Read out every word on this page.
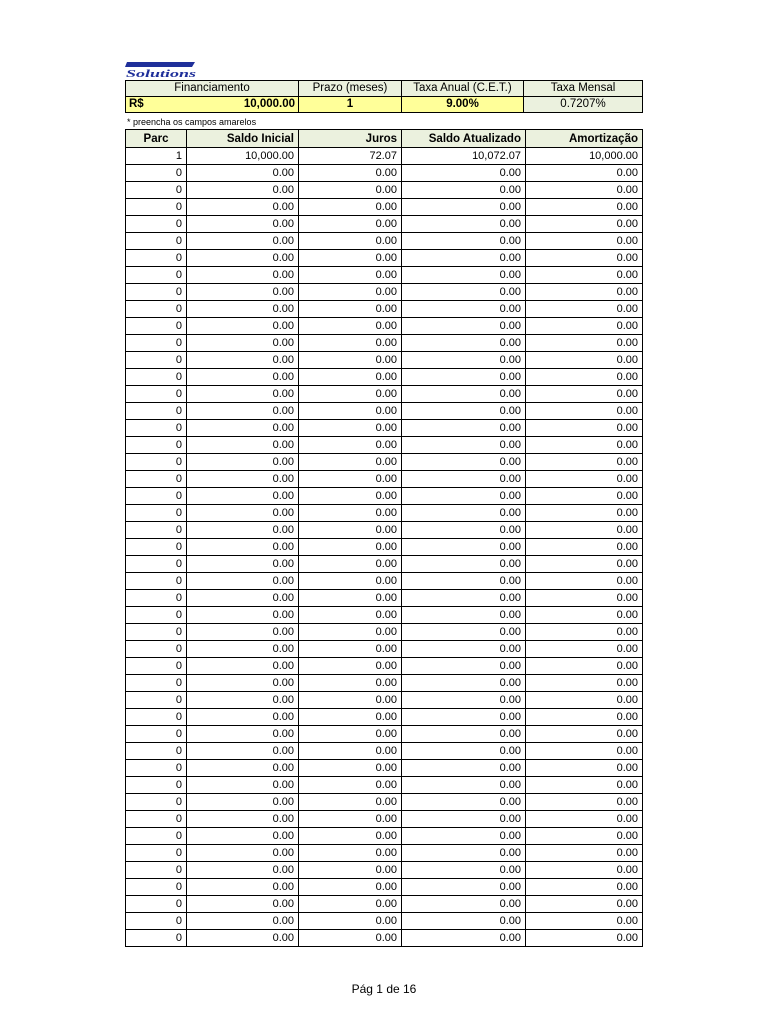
Solutions
Financiamento	Prazo (meses)	Taxa Anual (C.E.T.)	Taxa Mensal

R$ 10,000.00	1	9.00%	0.7207%
* preencha os campos amarelos
Parc	Saldo Inicial	Juros	Saldo Atualizado	Amortização
1	10,000.00	72.07	10,072.07	10,000.00
0	0.00	0.00	0.00	0.00
0	0.00	0.00	0.00	0.00
0	0.00	0.00	0.00	0.00
0	0.00	0.00	0.00	0.00
0	0.00	0.00	0.00	0.00
0	0.00	0.00	0.00	0.00
0	0.00	0.00	0.00	0.00
0	0.00	0.00	0.00	0.00
0	0.00	0.00	0.00	0.00
0	0.00	0.00	0.00	0.00
0	0.00	0.00	0.00	0.00
0	0.00	0.00	0.00	0.00
0	0.00	0.00	0.00	0.00
0	0.00	0.00	0.00	0.00
0	0.00	0.00	0.00	0.00
0	0.00	0.00	0.00	0.00
0	0.00	0.00	0.00	0.00
0	0.00	0.00	0.00	0.00
0	0.00	0.00	0.00	0.00
0	0.00	0.00	0.00	0.00
0	0.00	0.00	0.00	0.00
0	0.00	0.00	0.00	0.00
0	0.00	0.00	0.00	0.00
0	0.00	0.00	0.00	0.00
0	0.00	0.00	0.00	0.00
0	0.00	0.00	0.00	0.00
0	0.00	0.00	0.00	0.00
0	0.00	0.00	0.00	0.00
0	0.00	0.00	0.00	0.00
0	0.00	0.00	0.00	0.00
0	0.00	0.00	0.00	0.00
0	0.00	0.00	0.00	0.00
0	0.00	0.00	0.00	0.00
0	0.00	0.00	0.00	0.00
0	0.00	0.00	0.00	0.00
0	0.00	0.00	0.00	0.00
0	0.00	0.00	0.00	0.00
0	0.00	0.00	0.00	0.00
0	0.00	0.00	0.00	0.00
0	0.00	0.00	0.00	0.00
0	0.00	0.00	0.00	0.00
0	0.00	0.00	0.00	0.00
0	0.00	0.00	0.00	0.00
0	0.00	0.00	0.00	0.00
0	0.00	0.00	0.00	0.00
0	0.00	0.00	0.00	0.00
Pág 1 de 16
